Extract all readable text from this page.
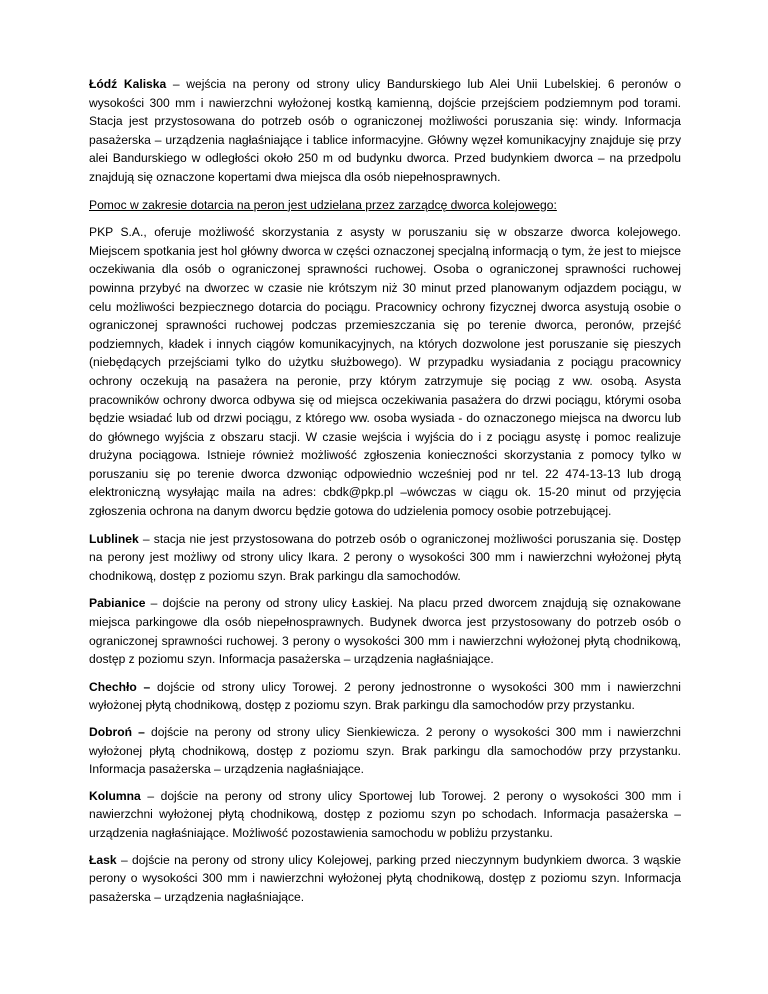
Łódź Kaliska – wejścia na perony od strony ulicy Bandurskiego lub Alei Unii Lubelskiej. 6 peronów o wysokości 300 mm i nawierzchni wyłożonej kostką kamienną, dojście przejściem podziemnym pod torami. Stacja jest przystosowana do potrzeb osób o ograniczonej możliwości poruszania się: windy. Informacja pasażerska – urządzenia nagłaśniające i tablice informacyjne. Główny węzeł komunikacyjny znajduje się przy alei Bandurskiego w odległości około 250 m od budynku dworca. Przed budynkiem dworca – na przedpolu znajdują się oznaczone kopertami dwa miejsca dla osób niepełnosprawnych.

Pomoc w zakresie dotarcia na peron jest udzielana przez zarządcę dworca kolejowego:

PKP S.A., oferuje możliwość skorzystania z asysty w poruszaniu się w obszarze dworca kolejowego. Miejscem spotkania jest hol główny dworca w części oznaczonej specjalną informacją o tym, że jest to miejsce oczekiwania dla osób o ograniczonej sprawności ruchowej. Osoba o ograniczonej sprawności ruchowej powinna przybyć na dworzec w czasie nie krótszym niż 30 minut przed planowanym odjazdem pociągu, w celu możliwości bezpiecznego dotarcia do pociągu. Pracownicy ochrony fizycznej dworca asystują osobie o ograniczonej sprawności ruchowej podczas przemieszczania się po terenie dworca, peronów, przejść podziemnych, kładek i innych ciągów komunikacyjnych, na których dozwolone jest poruszanie się pieszych (niebędących przejściami tylko do użytku służbowego). W przypadku wysiadania z pociągu pracownicy ochrony oczekują na pasażera na peronie, przy którym zatrzymuje się pociąg z ww. osobą. Asysta pracowników ochrony dworca odbywa się od miejsca oczekiwania pasażera do drzwi pociągu, którymi osoba będzie wsiadać lub od drzwi pociągu, z którego ww. osoba wysiada - do oznaczonego miejsca na dworcu lub do głównego wyjścia z obszaru stacji. W czasie wejścia i wyjścia do i z pociągu asystę i pomoc realizuje drużyna pociągowa. Istnieje również możliwość zgłoszenia konieczności skorzystania z pomocy tylko w poruszaniu się po terenie dworca dzwoniąc odpowiednio wcześniej pod nr tel. 22 474-13-13 lub drogą elektroniczną wysyłając maila na adres: cbdk@pkp.pl –wówczas w ciągu ok. 15-20 minut od przyjęcia zgłoszenia ochrona na danym dworcu będzie gotowa do udzielenia pomocy osobie potrzebującej.

Lublinek – stacja nie jest przystosowana do potrzeb osób o ograniczonej możliwości poruszania się. Dostęp na perony jest możliwy od strony ulicy Ikara. 2 perony o wysokości 300 mm i nawierzchni wyłożonej płytą chodnikową, dostęp z poziomu szyn. Brak parkingu dla samochodów.

Pabianice – dojście na perony od strony ulicy Łaskiej. Na placu przed dworcem znajdują się oznakowane miejsca parkingowe dla osób niepełnosprawnych. Budynek dworca jest przystosowany do potrzeb osób o ograniczonej sprawności ruchowej. 3 perony o wysokości 300 mm i nawierzchni wyłożonej płytą chodnikową, dostęp z poziomu szyn. Informacja pasażerska – urządzenia nagłaśniające.

Chechło – dojście od strony ulicy Torowej. 2 perony jednostronne o wysokości 300 mm i nawierzchni wyłożonej płytą chodnikową, dostęp z poziomu szyn. Brak parkingu dla samochodów przy przystanku.

Dobroń – dojście na perony od strony ulicy Sienkiewicza. 2 perony o wysokości 300 mm i nawierzchni wyłożonej płytą chodnikową, dostęp z poziomu szyn. Brak parkingu dla samochodów przy przystanku. Informacja pasażerska – urządzenia nagłaśniające.

Kolumna – dojście na perony od strony ulicy Sportowej lub Torowej. 2 perony o wysokości 300 mm i nawierzchni wyłożonej płytą chodnikową, dostęp z poziomu szyn po schodach. Informacja pasażerska – urządzenia nagłaśniające. Możliwość pozostawienia samochodu w pobliżu przystanku.

Łask – dojście na perony od strony ulicy Kolejowej, parking przed nieczynnym budynkiem dworca. 3 wąskie perony o wysokości 300 mm i nawierzchni wyłożonej płytą chodnikową, dostęp z poziomu szyn. Informacja pasażerska – urządzenia nagłaśniające.
